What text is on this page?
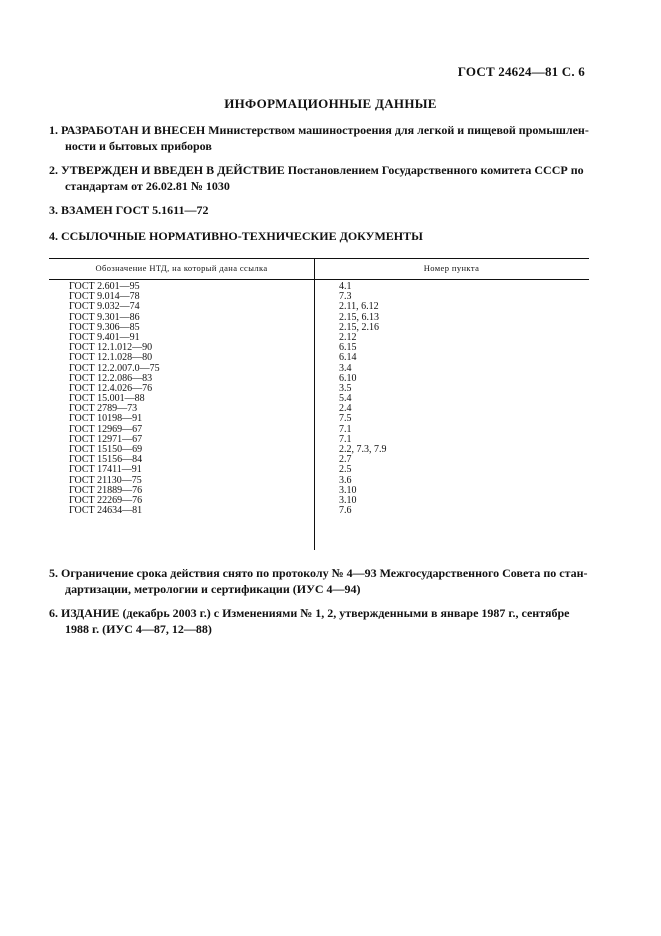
ГОСТ 24624—81 С. 6
ИНФОРМАЦИОННЫЕ ДАННЫЕ
1. РАЗРАБОТАН И ВНЕСЕН Министерством машиностроения для легкой и пищевой промышлен-
ности и бытовых приборов
2. УТВЕРЖДЕН И ВВЕДЕН В ДЕЙСТВИЕ Постановлением Государственного комитета СССР по
стандартам от 26.02.81 № 1030
3. ВЗАМЕН ГОСТ 5.1611—72
4. ССЫЛОЧНЫЕ НОРМАТИВНО-ТЕХНИЧЕСКИЕ ДОКУМЕНТЫ
Обозначение НТД, на который дана ссылка	Номер пункта
ГОСТ 2.601—95	4.1
ГОСТ 9.014—78	7.3
ГОСТ 9.032—74	2.11, 6.12
ГОСТ 9.301—86	2.15, 6.13
ГОСТ 9.306—85	2.15, 2.16
ГОСТ 9.401—91	2.12
ГОСТ 12.1.012—90	6.15
ГОСТ 12.1.028—80	6.14
ГОСТ 12.2.007.0—75	3.4
ГОСТ 12.2.086—83	6.10
ГОСТ 12.4.026—76	3.5
ГОСТ 15.001—88	5.4
ГОСТ 2789—73	2.4
ГОСТ 10198—91	7.5
ГОСТ 12969—67	7.1
ГОСТ 12971—67	7.1
ГОСТ 15150—69	2.2, 7.3, 7.9
ГОСТ 15156—84	2.7
ГОСТ 17411—91	2.5
ГОСТ 21130—75	3.6
ГОСТ 21889—76	3.10
ГОСТ 22269—76	3.10
ГОСТ 24634—81	7.6
5. Ограничение срока действия снято по протоколу № 4—93 Межгосударственного Совета по стан-
дартизации, метрологии и сертификации (ИУС 4—94)
6. ИЗДАНИЕ (декабрь 2003 г.) с Изменениями № 1, 2, утвержденными в январе 1987 г., сентябре
1988 г. (ИУС 4—87, 12—88)
